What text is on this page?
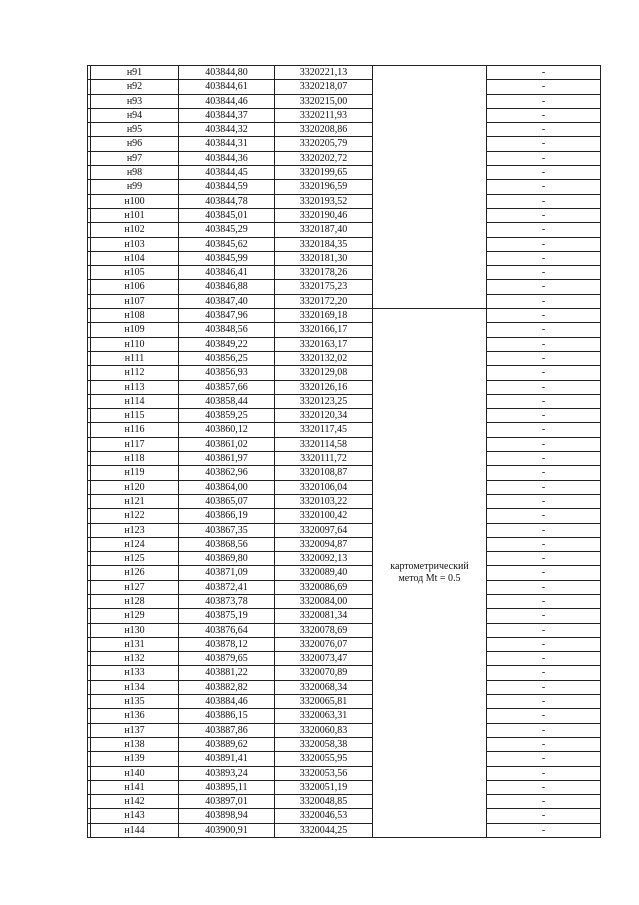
	н91	403844,80	3320221,13		-
	н92	403844,61	3320218,07		-
	н93	403844,46	3320215,00		-
	н94	403844,37	3320211,93		-
	н95	403844,32	3320208,86		-
	н96	403844,31	3320205,79		-
	н97	403844,36	3320202,72		-
	н98	403844,45	3320199,65		-
	н99	403844,59	3320196,59		-
	н100	403844,78	3320193,52		-
	н101	403845,01	3320190,46		-
	н102	403845,29	3320187,40		-
	н103	403845,62	3320184,35		-
	н104	403845,99	3320181,30		-
	н105	403846,41	3320178,26		-
	н106	403846,88	3320175,23		-
	н107	403847,40	3320172,20		-
	н108	403847,96	3320169,18	картометрический
метод Mt = 0.5	-
	н109	403848,56	3320166,17		-
	н110	403849,22	3320163,17		-
	н111	403856,25	3320132,02		-
	н112	403856,93	3320129,08		-
	н113	403857,66	3320126,16		-
	н114	403858,44	3320123,25		-
	н115	403859,25	3320120,34		-
	н116	403860,12	3320117,45		-
	н117	403861,02	3320114,58		-
	н118	403861,97	3320111,72		-
	н119	403862,96	3320108,87		-
	н120	403864,00	3320106,04		-
	н121	403865,07	3320103,22		-
	н122	403866,19	3320100,42		-
	н123	403867,35	3320097,64		-
	н124	403868,56	3320094,87		-
	н125	403869,80	3320092,13		-
	н126	403871,09	3320089,40		-
	н127	403872,41	3320086,69		-
	н128	403873,78	3320084,00		-
	н129	403875,19	3320081,34		-
	н130	403876,64	3320078,69		-
	н131	403878,12	3320076,07		-
	н132	403879,65	3320073,47		-
	н133	403881,22	3320070,89		-
	н134	403882,82	3320068,34		-
	н135	403884,46	3320065,81		-
	н136	403886,15	3320063,31		-
	н137	403887,86	3320060,83		-
	н138	403889,62	3320058,38		-
	н139	403891,41	3320055,95		-
	н140	403893,24	3320053,56		-
	н141	403895,11	3320051,19		-
	н142	403897,01	3320048,85		-
	н143	403898,94	3320046,53		-
	н144	403900,91	3320044,25		-
